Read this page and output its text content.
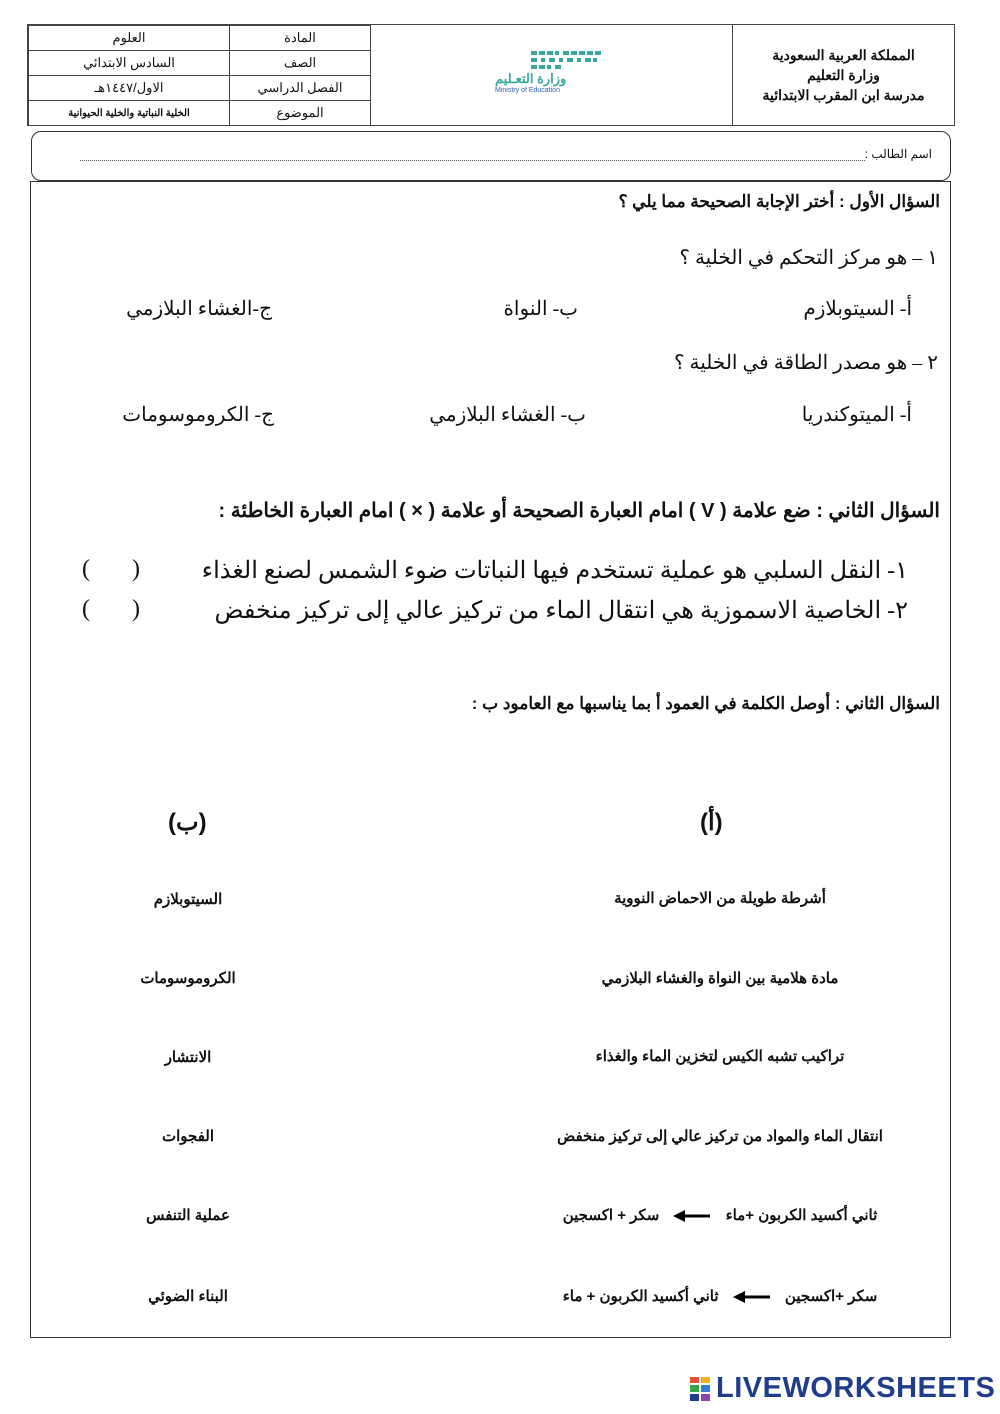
المملكة العربية السعودية
وزارة التعليم
مدرسة ابن المقرب الابتدائية
وزارة التعـليم
Ministry of Education
المادة	العلوم
الصف	السادس الابتدائي
الفصل الدراسي	الاول/١٤٤٧هـ
الموضوع	الخلية النباتية والخلية الحيوانية
اسم الطالب :
السؤال الأول : أختر الإجابة الصحيحة مما يلي ؟
١ – هو مركز التحكم في الخلية ؟
أ- السيتوبلازم
ب- النواة
ج-الغشاء البلازمي
٢ – هو مصدر الطاقة في الخلية ؟
أ- الميتوكندريا
ب- الغشاء البلازمي
ج- الكروموسومات
السؤال الثاني : ضع علامة ( V ) امام العبارة الصحيحة أو علامة ( × ) امام العبارة الخاطئة :
١- النقل السلبي هو عملية تستخدم فيها النباتات ضوء الشمس لصنع الغذاء
(       )
٢- الخاصية الاسموزية هي انتقال الماء من تركيز عالي إلى تركيز منخفض
(       )
السؤال الثاني : أوصل الكلمة في العمود أ بما يناسبها مع العامود ب :
(أ)
(ب)
أشرطة طويلة من الاحماض النووية
مادة هلامية بين النواة والغشاء البلازمي
تراكيب تشبه الكيس لتخزين الماء والغذاء
انتقال الماء والمواد من تركيز عالي إلى تركيز منخفض
ثاني أكسيد الكربون +ماء  سكر + اكسجين
سكر +اكسجين  ثاني أكسيد الكربون + ماء
السيتوبلازم
الكروموسومات
الانتشار
الفجوات
عملية التنفس
البناء الضوئي
LIVEWORKSHEETS
